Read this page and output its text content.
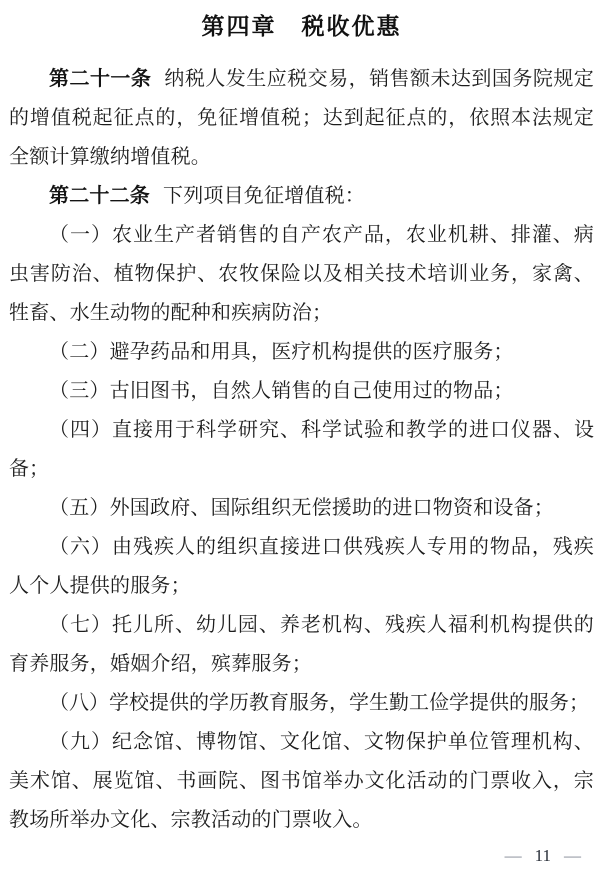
第四章　税收优惠

第二十一条 纳税人发生应税交易，销售额未达到国务院规定的增值税起征点的，免征增值税；达到起征点的，依照本法规定全额计算缴纳增值税。

第二十二条 下列项目免征增值税：

（一）农业生产者销售的自产农产品，农业机耕、排灌、病虫害防治、植物保护、农牧保险以及相关技术培训业务，家禽、牲畜、水生动物的配种和疾病防治；

（二）避孕药品和用具，医疗机构提供的医疗服务；

（三）古旧图书，自然人销售的自己使用过的物品；

（四）直接用于科学研究、科学试验和教学的进口仪器、设备；

（五）外国政府、国际组织无偿援助的进口物资和设备；

（六）由残疾人的组织直接进口供残疾人专用的物品，残疾人个人提供的服务；

（七）托儿所、幼儿园、养老机构、残疾人福利机构提供的育养服务，婚姻介绍，殡葬服务；

（八）学校提供的学历教育服务，学生勤工俭学提供的服务；

（九）纪念馆、博物馆、文化馆、文物保护单位管理机构、美术馆、展览馆、书画院、图书馆举办文化活动的门票收入，宗教场所举办文化、宗教活动的门票收入。

— 11 —
